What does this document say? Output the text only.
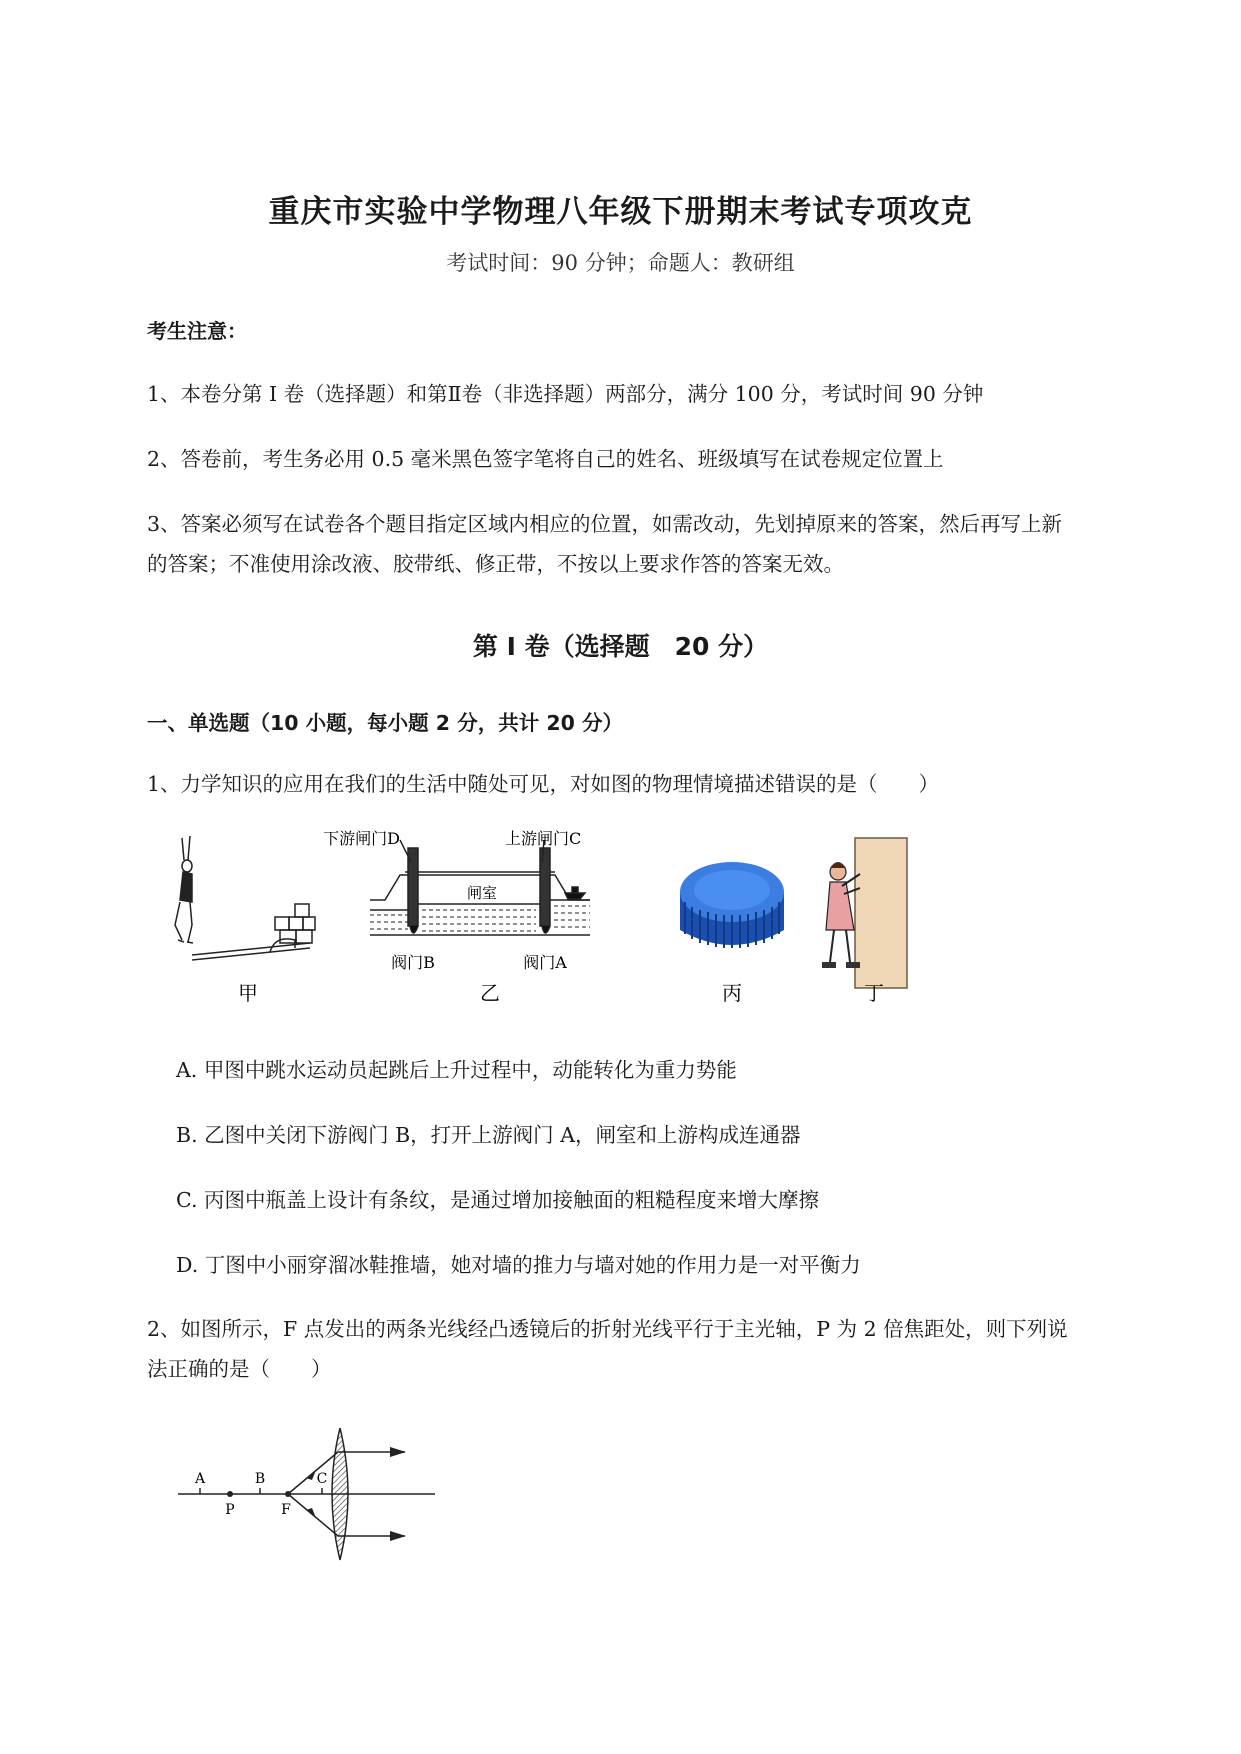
重庆市实验中学物理八年级下册期末考试专项攻克
考试时间：90 分钟；命题人：教研组
考生注意：
1、本卷分第 I 卷（选择题）和第Ⅱ卷（非选择题）两部分，满分 100 分，考试时间 90 分钟
2、答卷前，考生务必用 0.5 毫米黑色签字笔将自己的姓名、班级填写在试卷规定位置上
3、答案必须写在试卷各个题目指定区域内相应的位置，如需改动，先划掉原来的答案，然后再写上新
的答案；不准使用涂改液、胶带纸、修正带，不按以上要求作答的答案无效。
第 I 卷（选择题　20 分）
一、单选题（10 小题，每小题 2 分，共计 20 分）
1、力学知识的应用在我们的生活中随处可见，对如图的物理情境描述错误的是（　　）
甲
下游闸门D	上游闸门C
闸室
阀门B	阀门A
乙	丙	丁
A. 甲图中跳水运动员起跳后上升过程中，动能转化为重力势能
B. 乙图中关闭下游阀门 B，打开上游阀门 A，闸室和上游构成连通器
C. 丙图中瓶盖上设计有条纹，是通过增加接触面的粗糙程度来增大摩擦
D. 丁图中小丽穿溜冰鞋推墙，她对墙的推力与墙对她的作用力是一对平衡力
2、如图所示，F 点发出的两条光线经凸透镜后的折射光线平行于主光轴，P 为 2 倍焦距处，则下列说
法正确的是（　　）
A	B	C
P	F
